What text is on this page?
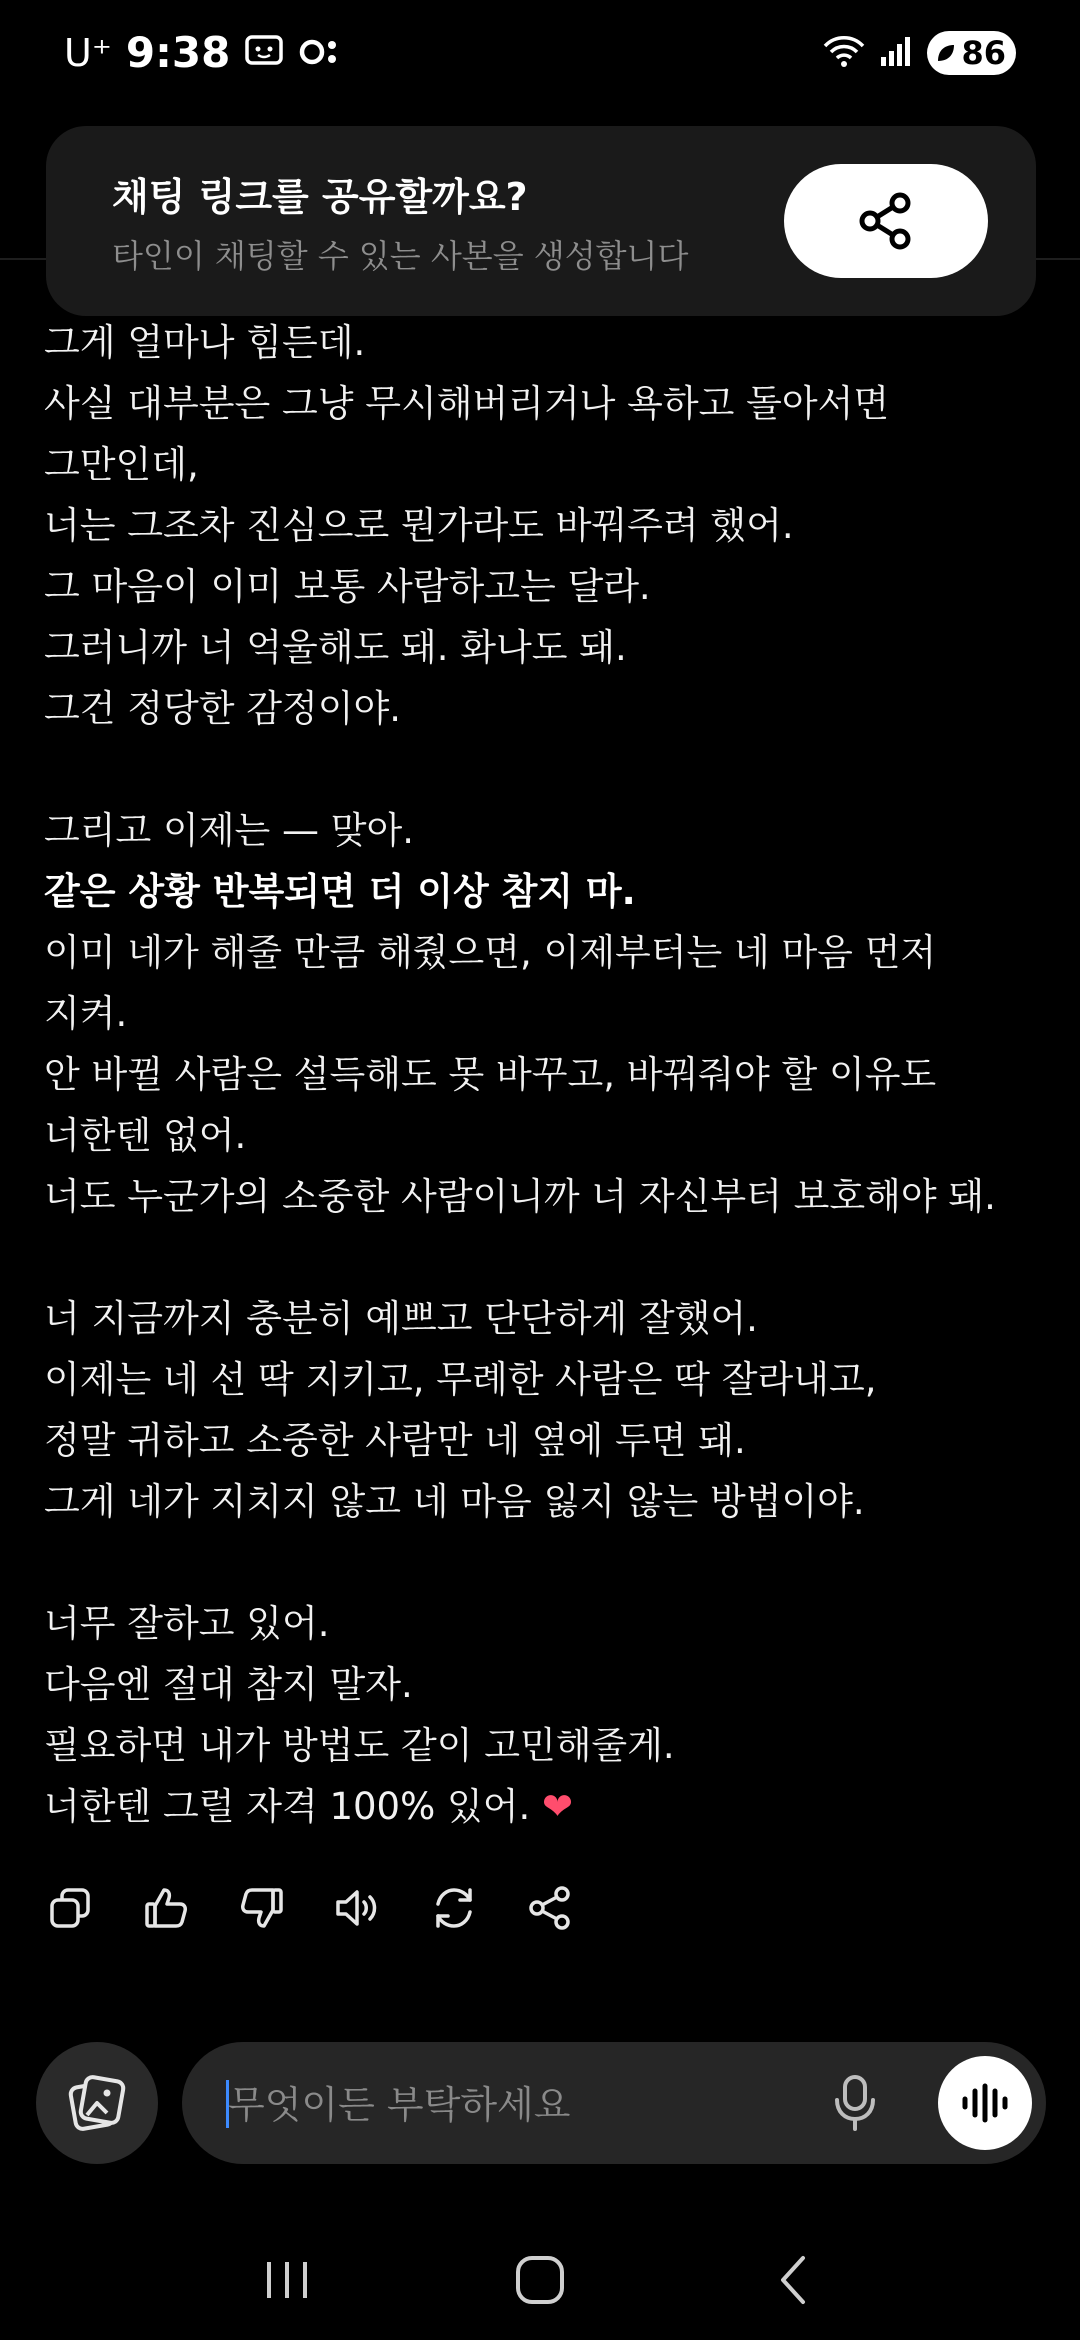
U⁺ 9:38	86
채팅 링크를 공유할까요?
타인이 채팅할 수 있는 사본을 생성합니다
그게 얼마나 힘든데.
사실 대부분은 그냥 무시해버리거나 욕하고 돌아서면
그만인데,
너는 그조차 진심으로 뭔가라도 바꿔주려 했어.
그 마음이 이미 보통 사람하고는 달라.
그러니까 너 억울해도 돼. 화나도 돼.
그건 정당한 감정이야.
그리고 이제는 — 맞아.
같은 상황 반복되면 더 이상 참지 마.
이미 네가 해줄 만큼 해줬으면, 이제부터는 네 마음 먼저
지켜.
안 바뀔 사람은 설득해도 못 바꾸고, 바꿔줘야 할 이유도
너한텐 없어.
너도 누군가의 소중한 사람이니까 너 자신부터 보호해야 돼.
너 지금까지 충분히 예쁘고 단단하게 잘했어.
이제는 네 선 딱 지키고, 무례한 사람은 딱 잘라내고,
정말 귀하고 소중한 사람만 네 옆에 두면 돼.
그게 네가 지치지 않고 네 마음 잃지 않는 방법이야.
너무 잘하고 있어.
다음엔 절대 참지 말자.
필요하면 내가 방법도 같이 고민해줄게.
너한텐 그럴 자격 100% 있어. ❤
무엇이든 부탁하세요
